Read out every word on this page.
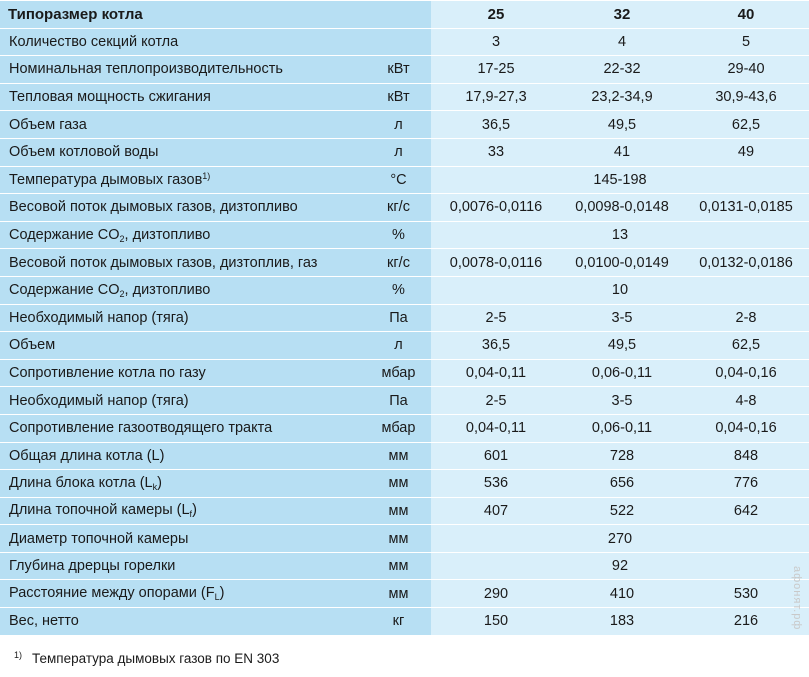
Типоразмер котла		25	32	40
Количество секций котла		3	4	5
Номинальная теплопроизводительность	кВт	17-25	22-32	29-40
Тепловая мощность сжигания	кВт	17,9-27,3	23,2-34,9	30,9-43,6
Объем газа	л	36,5	49,5	62,5
Объем котловой воды	л	33	41	49
Температура дымовых газов$^{1)}$	°C	145-198		
Весовой поток дымовых газов, дизтопливо	кг/с	0,0076-0,0116	0,0098-0,0148	0,0131-0,0185
Содержание $CO_2$, дизтопливо	%	13		
Весовой поток дымовых газов, дизтоплив, газ	кг/с	0,0078-0,0116	0,0100-0,0149	0,0132-0,0186
Содержание $CO_2$, дизтопливо	%	10		
Необходимый напор (тяга)	Па	2-5	3-5	2-8
Объем	л	36,5	49,5	62,5
Сопротивление котла по газу	мбар	0,04-0,11	0,06-0,11	0,04-0,16
Необходимый напор (тяга)	Па	2-5	3-5	4-8
Сопротивление газоотводящего тракта	мбар	0,04-0,11	0,06-0,11	0,04-0,16
Общая длина котла (L)	мм	601	728	848
Длина блока котла $(L_k)$	мм	536	656	776
Длина топочной камеры $(L_f)$	мм	407	522	642
Диаметр топочной камеры	мм	270		
Глубина дрерцы горелки	мм	92		
Расстояние между опорами $(F_L)$	мм	290	410	530
Вес, нетто	кг	150	183	216
$^{1)}$ Температура дымовых газов по EN 303
aфoнят.рф
